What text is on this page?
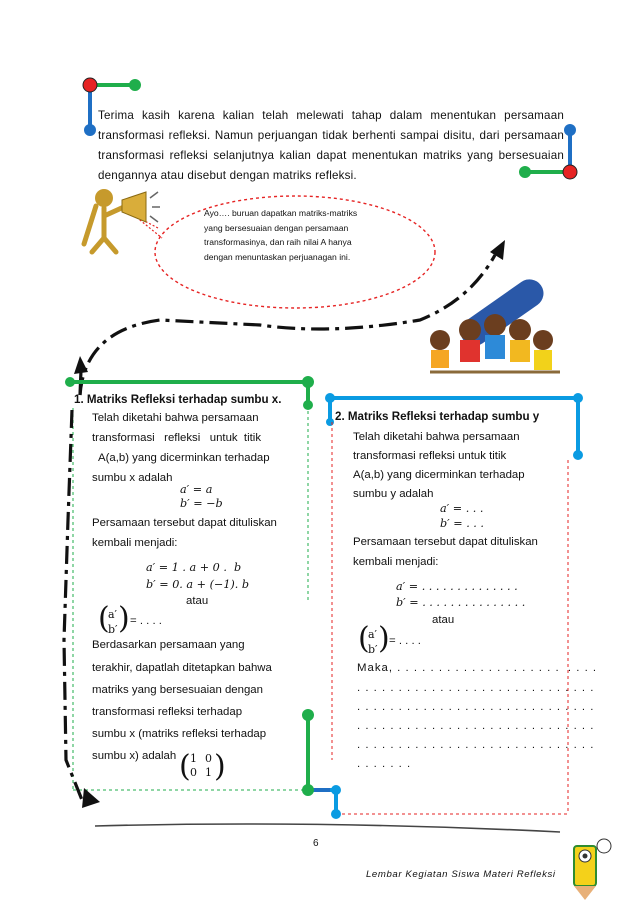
Terima kasih karena kalian telah melewati tahap dalam menentukan persamaan transformasi refleksi. Namun perjuangan tidak berhenti sampai disitu, dari persamaan transformasi refleksi selanjutnya kalian dapat menentukan matriks yang bersesuaian dengannya atau disebut dengan matriks refleksi.
Ayo…. buruan dapatkan matriks-matriks yang bersesuaian dengan persamaan transformasinya, dan raih nilai A hanya dengan menuntaskan perjuanagan ini.
1. Matriks Refleksi terhadap sumbu x.
Telah diketahi bahwa persamaan
transformasi   refleksi   untuk  titik
A(a,b) yang dicerminkan terhadap
sumbu x adalah
a′ = a
b′ = −b
Persamaan tersebut dapat dituliskan
kembali menjadi:
a′ = 1 . a + 0 .  b
b′ = 0. a + (−1). b
atau
(
a′
b′ ) = . . . .
Berdasarkan persamaan yang
terakhir, dapatlah ditetapkan bahwa
matriks yang bersesuaian dengan
transformasi refleksi terhadap
sumbu x (matriks refleksi terhadap
sumbu x) adalah ( 1 0
0 1 )
2. Matriks Refleksi terhadap sumbu y
Telah diketahi bahwa persamaan
transformasi refleksi untuk titik
A(a,b) yang dicerminkan terhadap
sumbu y adalah
a′ = . . .
b′ = . . .
Persamaan tersebut dapat dituliskan
kembali menjadi:
a′ = . . . . . . . . . . . . . .
b′ = . . . . . . . . . . . . . . .
atau
(
a′
b′ ) = . . . .
Maka, . . . . . . . . . . . . . . . . . . . .  . . . .
. . . . . . . . . . . . . . . . . . . . . . . . . . . . .
. . . . . . . . . . . . . . . . . . . . . . . . . . . . .
. . . . . . . . . . . . . . . . . . . . . . . . . . . . .
. . . . . . . . . . . . . . . . . . . . . . . . . . . . .
. . . . . . .
6
Lembar Kegiatan Siswa Materi Refleksi
